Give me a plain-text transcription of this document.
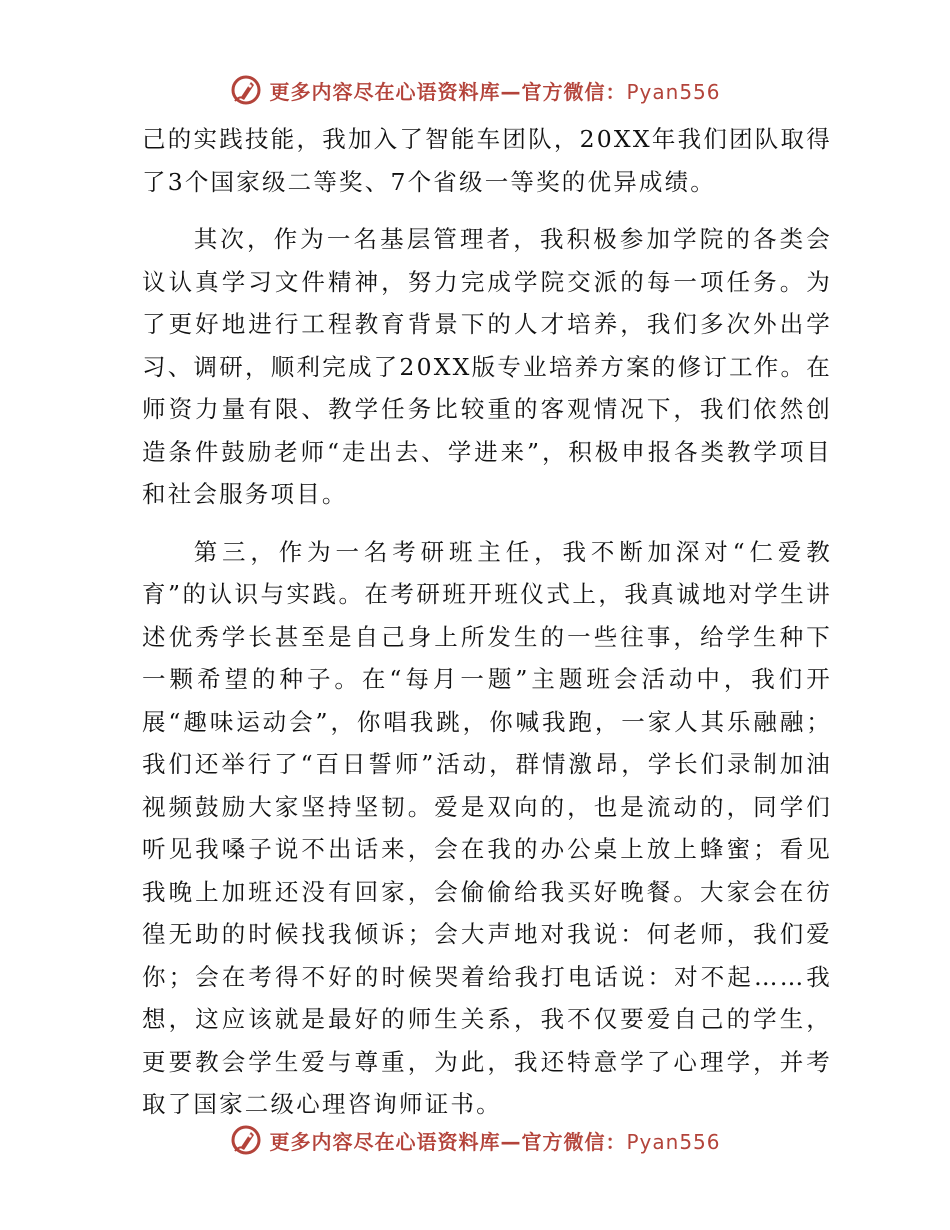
更多内容尽在心语资料库—官方微信：Pyan556

己的实践技能，我加入了智能车团队，20XX年我们团队取得了3个国家级二等奖、7个省级一等奖的优异成绩。

其次，作为一名基层管理者，我积极参加学院的各类会议认真学习文件精神，努力完成学院交派的每一项任务。为了更好地进行工程教育背景下的人才培养，我们多次外出学习、调研，顺利完成了20XX版专业培养方案的修订工作。在师资力量有限、教学任务比较重的客观情况下，我们依然创造条件鼓励老师“走出去、学进来”，积极申报各类教学项目和社会服务项目。

第三，作为一名考研班主任，我不断加深对“仁爱教育”的认识与实践。在考研班开班仪式上，我真诚地对学生讲述优秀学长甚至是自己身上所发生的一些往事，给学生种下一颗希望的种子。在“每月一题”主题班会活动中，我们开展“趣味运动会”，你唱我跳，你喊我跑，一家人其乐融融；我们还举行了“百日誓师”活动，群情激昂，学长们录制加油视频鼓励大家坚持坚韧。爱是双向的，也是流动的，同学们听见我嗓子说不出话来，会在我的办公桌上放上蜂蜜；看见我晚上加班还没有回家，会偷偷给我买好晚餐。大家会在彷徨无助的时候找我倾诉；会大声地对我说：何老师，我们爱你；会在考得不好的时候哭着给我打电话说：对不起……我想，这应该就是最好的师生关系，我不仅要爱自己的学生，更要教会学生爱与尊重，为此，我还特意学了心理学，并考取了国家二级心理咨询师证书。

更多内容尽在心语资料库—官方微信：Pyan556
